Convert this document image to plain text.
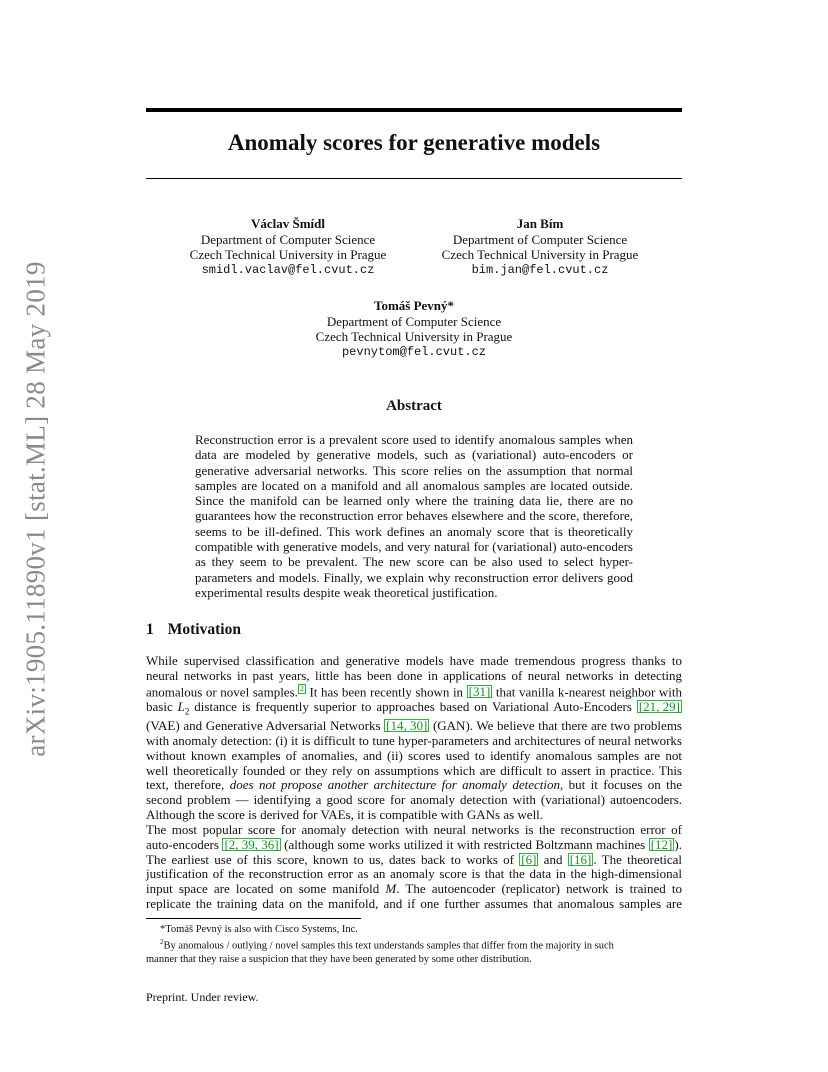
arXiv:1905.11890v1 [stat.ML] 28 May 2019
Anomaly scores for generative models
Václav Šmídl
Department of Computer Science
Czech Technical University in Prague
smidl.vaclav@fel.cvut.cz
Jan Bím
Department of Computer Science
Czech Technical University in Prague
bim.jan@fel.cvut.cz
Tomáš Pevný*
Department of Computer Science
Czech Technical University in Prague
pevnytom@fel.cvut.cz
Abstract
Reconstruction error is a prevalent score used to identify anomalous samples when
data are modeled by generative models, such as (variational) auto-encoders or
generative adversarial networks. This score relies on the assumption that normal
samples are located on a manifold and all anomalous samples are located outside.
Since the manifold can be learned only where the training data lie, there are no
guarantees how the reconstruction error behaves elsewhere and the score, therefore,
seems to be ill-defined. This work defines an anomaly score that is theoretically
compatible with generative models, and very natural for (variational) auto-encoders
as they seem to be prevalent. The new score can be also used to select hyper-
parameters and models. Finally, we explain why reconstruction error delivers good
experimental results despite weak theoretical justification.
1 Motivation
While supervised classification and generative models have made tremendous progress thanks to
neural networks in past years, little has been done in applications of neural networks in detecting
anomalous or novel samples. $^2$ It has been recently shown in [31] that vanilla k-nearest neighbor with
basic $L_2$ distance is frequently superior to approaches based on Variational Auto-Encoders [21, 29]
(VAE) and Generative Adversarial Networks [14, 30] (GAN). We believe that there are two problems
with anomaly detection: (i) it is difficult to tune hyper-parameters and architectures of neural networks
without known examples of anomalies, and (ii) scores used to identify anomalous samples are not
well theoretically founded or they rely on assumptions which are difficult to assert in practice. This
text, therefore, does not propose another architecture for anomaly detection, but it focuses on the
second problem — identifying a good score for anomaly detection with (variational) autoencoders.
Although the score is derived for VAEs, it is compatible with GANs as well.
The most popular score for anomaly detection with neural networks is the reconstruction error of
auto-encoders [2, 39, 36] (although some works utilized it with restricted Boltzmann machines [12] ).
The earliest use of this score, known to us, dates back to works of [6] and [16] . The theoretical
justification of the reconstruction error as an anomaly score is that the data in the high-dimensional
input space are located on some manifold M. The autoencoder (replicator) network is trained to
replicate the training data on the manifold, and if one further assumes that anomalous samples are
*Tomáš Pevný is also with Cisco Systems, Inc.
$^2$By anomalous / outlying / novel samples this text understands samples that differ from the majority in such
manner that they raise a suspicion that they have been generated by some other distribution.
Preprint. Under review.
